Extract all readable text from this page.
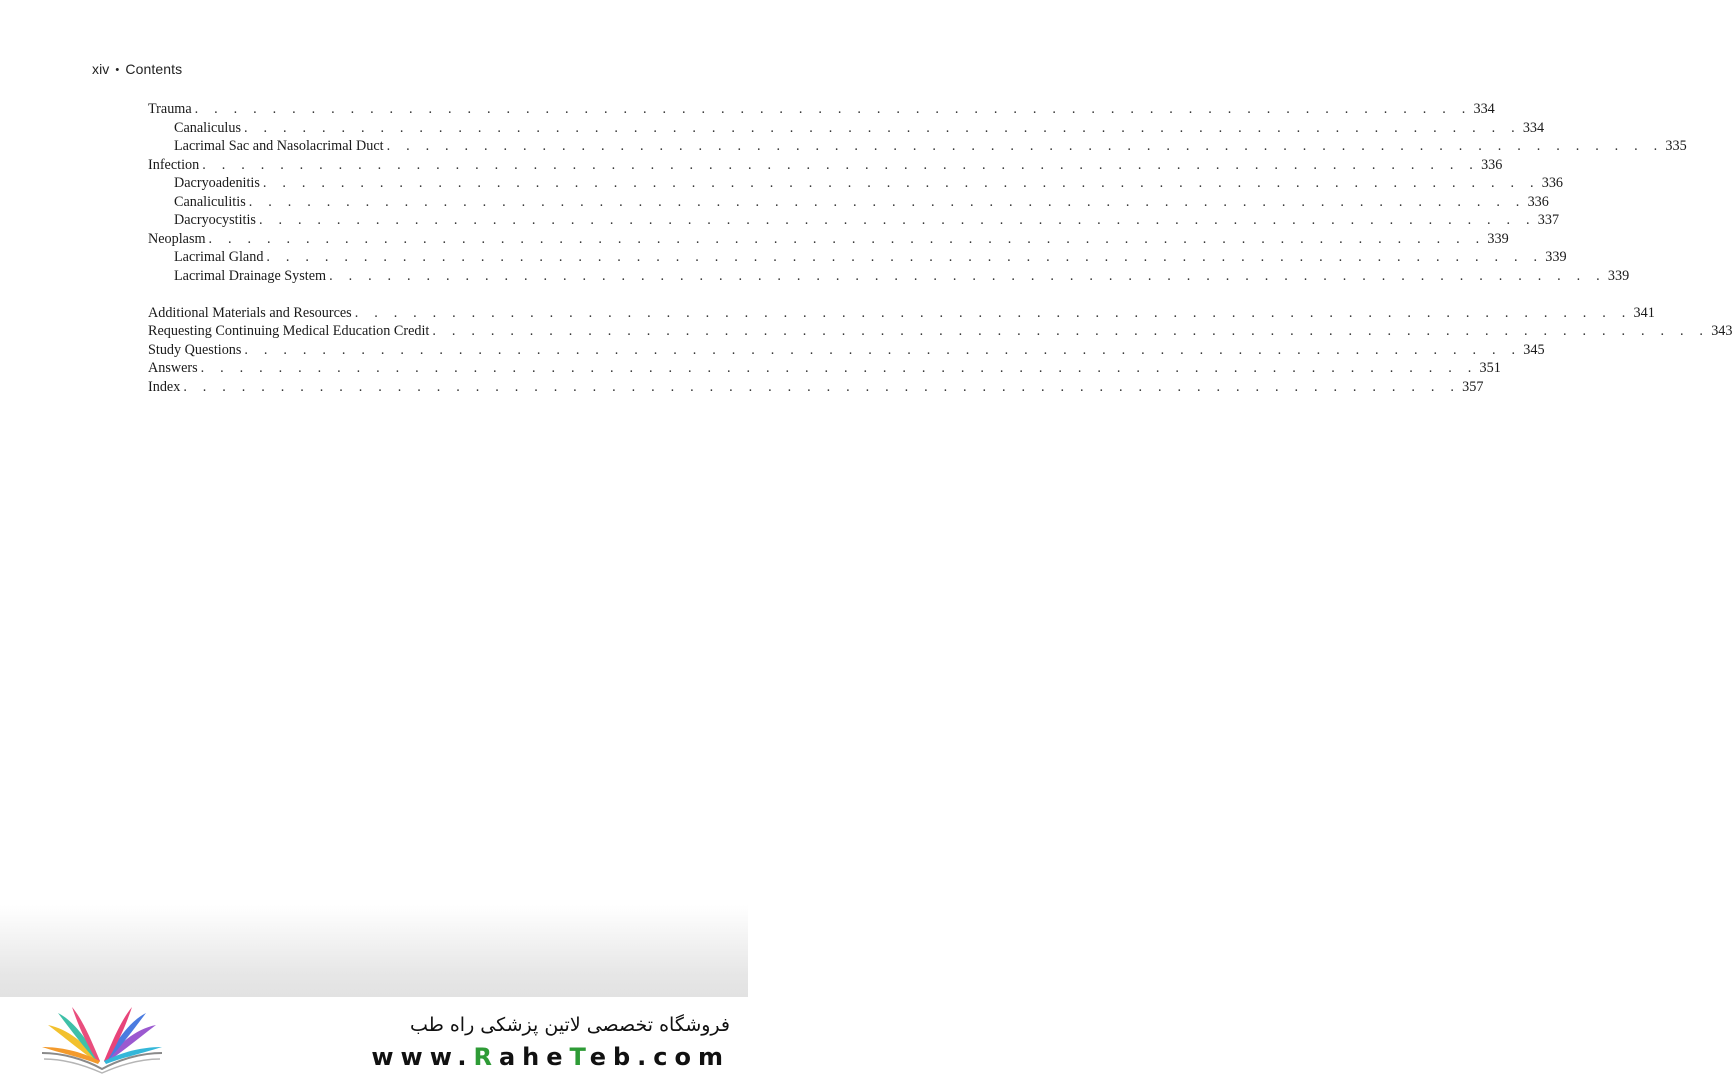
xiv • Contents
Trauma . . . . . . . . . . . . . . . . . . . . . . . . . . . . . . . . . . . . . . . . . . . . . . . . . . . . . . . . . . . . . . . . . . 334
Canaliculus . . . . . . . . . . . . . . . . . . . . . . . . . . . . . . . . . . . . . . . . . . . . . . . . . . . . . . . . . . . . . . . . . . 334
Lacrimal Sac and Nasolacrimal Duct . . . . . . . . . . . . . . . . . . . . . . . . . . . . . . . . . . . . . . . . . . . . . . . . . . . . . . . . . . . . . . . . . . 335
Infection . . . . . . . . . . . . . . . . . . . . . . . . . . . . . . . . . . . . . . . . . . . . . . . . . . . . . . . . . . . . . . . . . . 336
Dacryoadenitis . . . . . . . . . . . . . . . . . . . . . . . . . . . . . . . . . . . . . . . . . . . . . . . . . . . . . . . . . . . . . . . . . . 336
Canaliculitis . . . . . . . . . . . . . . . . . . . . . . . . . . . . . . . . . . . . . . . . . . . . . . . . . . . . . . . . . . . . . . . . . . 336
Dacryocystitis . . . . . . . . . . . . . . . . . . . . . . . . . . . . . . . . . . . . . . . . . . . . . . . . . . . . . . . . . . . . . . . . . . 337
Neoplasm . . . . . . . . . . . . . . . . . . . . . . . . . . . . . . . . . . . . . . . . . . . . . . . . . . . . . . . . . . . . . . . . . . 339
Lacrimal Gland . . . . . . . . . . . . . . . . . . . . . . . . . . . . . . . . . . . . . . . . . . . . . . . . . . . . . . . . . . . . . . . . . . 339
Lacrimal Drainage System . . . . . . . . . . . . . . . . . . . . . . . . . . . . . . . . . . . . . . . . . . . . . . . . . . . . . . . . . . . . . . . . . . 339
Additional Materials and Resources . . . . . . . . . . . . . . . . . . . . . . . . . . . . . . . . . . . . . . . . . . . . . . . . . . . . . . . . . . . . . . . . . . 341
Requesting Continuing Medical Education Credit . . . . . . . . . . . . . . . . . . . . . . . . . . . . . . . . . . . . . . . . . . . . . . . . . . . . . . . . . . . . . . . . . . 343
Study Questions . . . . . . . . . . . . . . . . . . . . . . . . . . . . . . . . . . . . . . . . . . . . . . . . . . . . . . . . . . . . . . . . . . 345
Answers . . . . . . . . . . . . . . . . . . . . . . . . . . . . . . . . . . . . . . . . . . . . . . . . . . . . . . . . . . . . . . . . . . 351
Index . . . . . . . . . . . . . . . . . . . . . . . . . . . . . . . . . . . . . . . . . . . . . . . . . . . . . . . . . . . . . . . . . . 357
فروشگاه تخصصی لاتین پزشکی راه طب
www.RaheTeb.com
